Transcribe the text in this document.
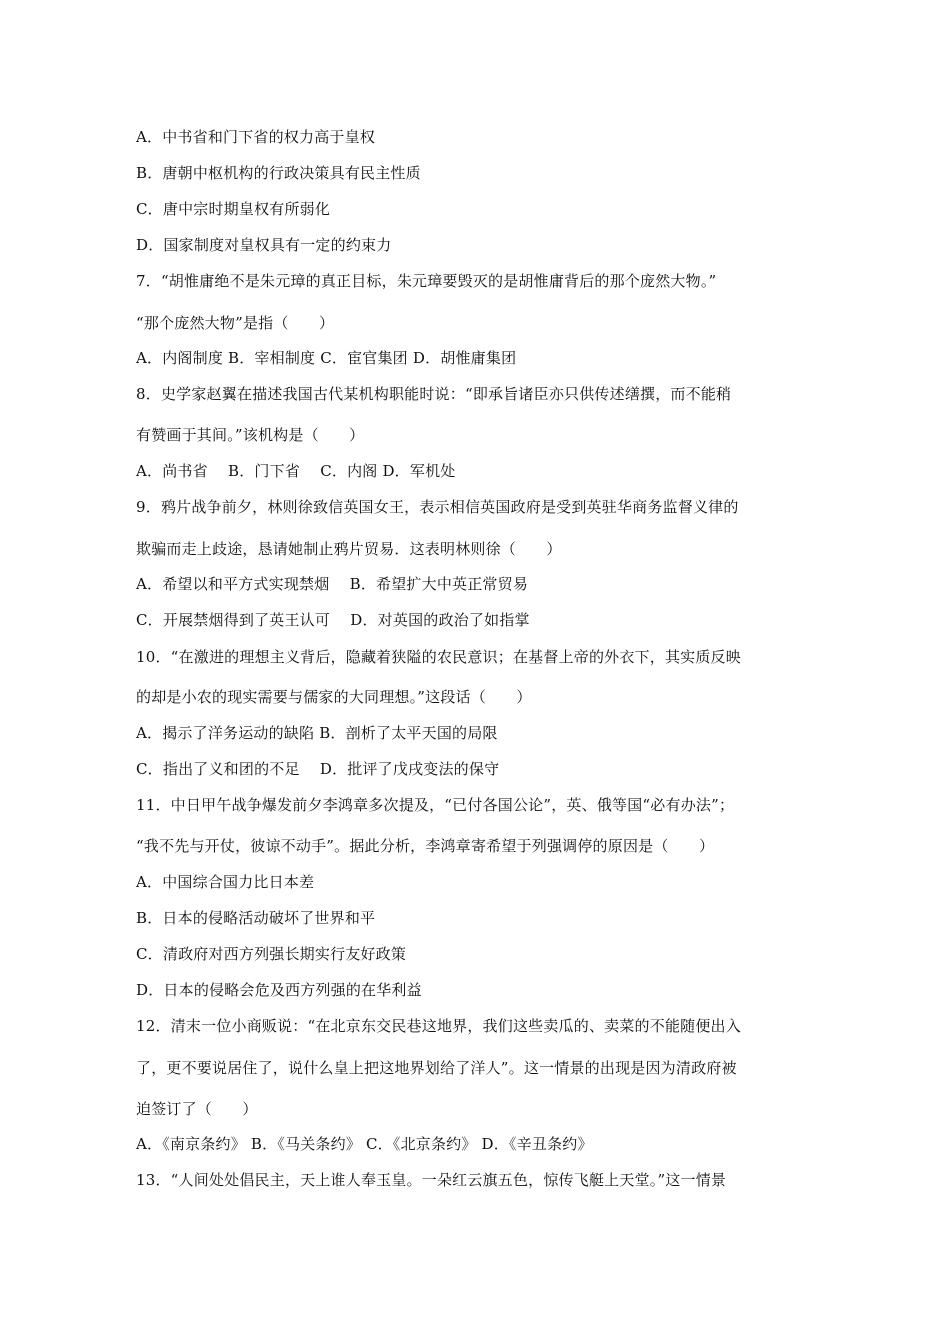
A．中书省和门下省的权力高于皇权
B．唐朝中枢机构的行政决策具有民主性质
C．唐中宗时期皇权有所弱化
D．国家制度对皇权具有一定的约束力
7．“胡惟庸绝不是朱元璋的真正目标，朱元璋要毁灭的是胡惟庸背后的那个庞然大物。”
“那个庞然大物”是指（　　）
A．内阁制度 B．宰相制度 C．宦官集团 D．胡惟庸集团
8．史学家赵翼在描述我国古代某机构职能时说：“即承旨诸臣亦只供传述缮撰，而不能稍
有赞画于其间。”该机构是（　　）
A．尚书省　 B．门下省　 C．内阁 D．军机处
9．鸦片战争前夕，林则徐致信英国女王，表示相信英国政府是受到英驻华商务监督义律的
欺骗而走上歧途，恳请她制止鸦片贸易．这表明林则徐（　　）
A．希望以和平方式实现禁烟　 B．希望扩大中英正常贸易
C．开展禁烟得到了英王认可　 D．对英国的政治了如指掌
10．“在激进的理想主义背后，隐藏着狭隘的农民意识；在基督上帝的外衣下，其实质反映
的却是小农的现实需要与儒家的大同理想。”这段话（　　）
A．揭示了洋务运动的缺陷 B．剖析了太平天国的局限
C．指出了义和团的不足　 D．批评了戊戌变法的保守
11．中日甲午战争爆发前夕李鸿章多次提及，“已付各国公论”，英、俄等国“必有办法”；
“我不先与开仗，彼谅不动手”。据此分析，李鸿章寄希望于列强调停的原因是（　　）
A．中国综合国力比日本差
B．日本的侵略活动破坏了世界和平
C．清政府对西方列强长期实行友好政策
D．日本的侵略会危及西方列强的在华利益
12．清末一位小商贩说：“在北京东交民巷这地界，我们这些卖瓜的、卖菜的不能随便出入
了，更不要说居住了，说什么皇上把这地界划给了洋人”。这一情景的出现是因为清政府被
迫签订了（　　）
A．《南京条约》 B．《马关条约》 C．《北京条约》 D．《辛丑条约》
13．“人间处处倡民主，天上谁人奉玉皇。一朵红云旗五色，惊传飞艇上天堂。”这一情景
